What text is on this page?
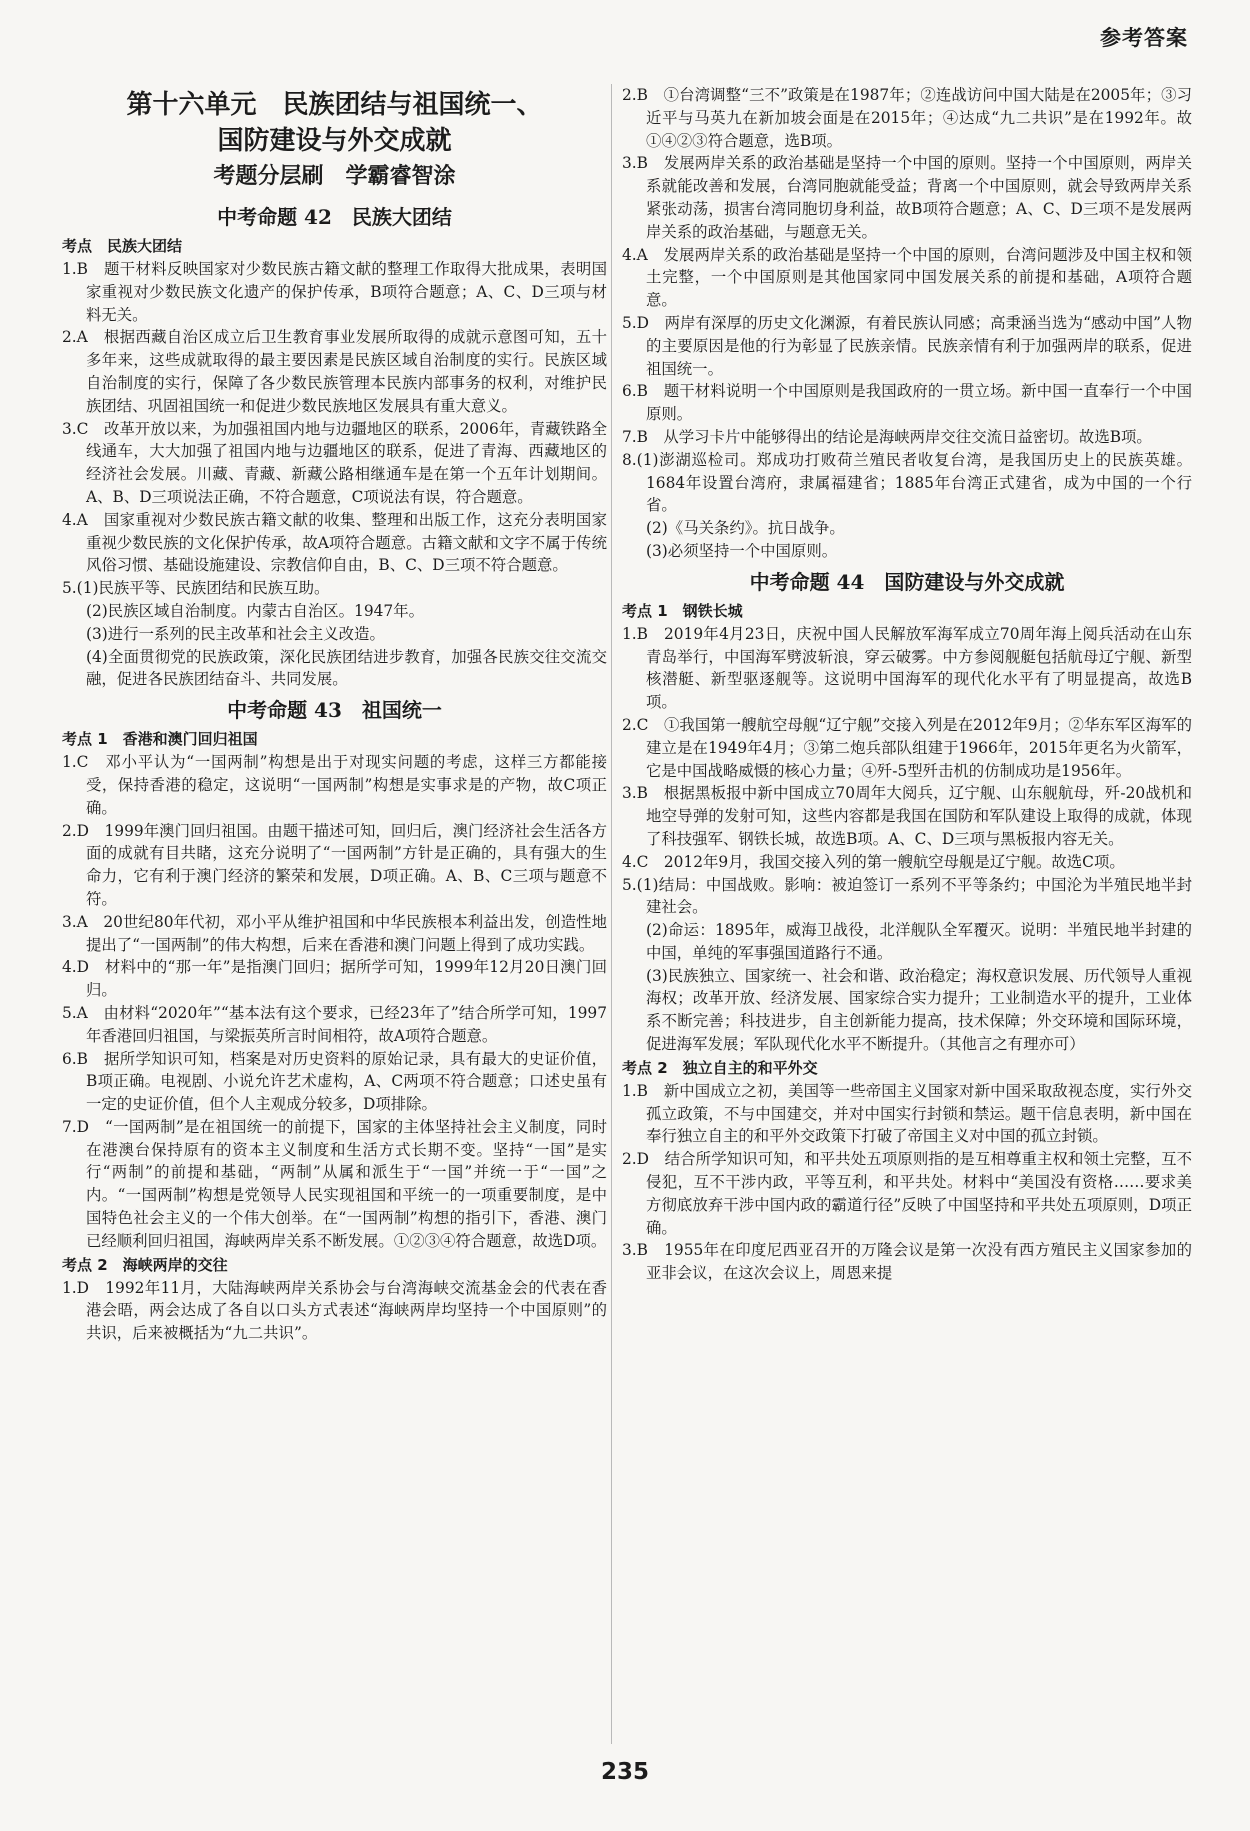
参考答案
第十六单元　民族团结与祖国统一、
国防建设与外交成就
考题分层刷　学霸睿智涂
中考命题 42　民族大团结
考点　民族大团结

1.B　题干材料反映国家对少数民族古籍文献的整理工作取得大批成果，表明国家重视对少数民族文化遗产的保护传承，B项符合题意；A、C、D三项与材料无关。

2.A　根据西藏自治区成立后卫生教育事业发展所取得的成就示意图可知，五十多年来，这些成就取得的最主要因素是民族区域自治制度的实行。民族区域自治制度的实行，保障了各少数民族管理本民族内部事务的权利，对维护民族团结、巩固祖国统一和促进少数民族地区发展具有重大意义。

3.C　改革开放以来，为加强祖国内地与边疆地区的联系，2006年，青藏铁路全线通车，大大加强了祖国内地与边疆地区的联系，促进了青海、西藏地区的经济社会发展。川藏、青藏、新藏公路相继通车是在第一个五年计划期间。A、B、D三项说法正确，不符合题意，C项说法有误，符合题意。

4.A　国家重视对少数民族古籍文献的收集、整理和出版工作，这充分表明国家重视少数民族的文化保护传承，故A项符合题意。古籍文献和文字不属于传统风俗习惯、基础设施建设、宗教信仰自由，B、C、D三项不符合题意。

5.(1)民族平等、民族团结和民族互助。

(2)民族区域自治制度。内蒙古自治区。1947年。

(3)进行一系列的民主改革和社会主义改造。

(4)全面贯彻党的民族政策，深化民族团结进步教育，加强各民族交往交流交融，促进各民族团结奋斗、共同发展。

中考命题 43　祖国统一
考点 1　香港和澳门回归祖国

1.C　邓小平认为“一国两制”构想是出于对现实问题的考虑，这样三方都能接受，保持香港的稳定，这说明“一国两制”构想是实事求是的产物，故C项正确。

2.D　1999年澳门回归祖国。由题干描述可知，回归后，澳门经济社会生活各方面的成就有目共睹，这充分说明了“一国两制”方针是正确的，具有强大的生命力，它有利于澳门经济的繁荣和发展，D项正确。A、B、C三项与题意不符。

3.A　20世纪80年代初，邓小平从维护祖国和中华民族根本利益出发，创造性地提出了“一国两制”的伟大构想，后来在香港和澳门问题上得到了成功实践。

4.D　材料中的“那一年”是指澳门回归；据所学可知，1999年12月20日澳门回归。

5.A　由材料“2020年”“基本法有这个要求，已经23年了”结合所学可知，1997年香港回归祖国，与梁振英所言时间相符，故A项符合题意。

6.B　据所学知识可知，档案是对历史资料的原始记录，具有最大的史证价值，B项正确。电视剧、小说允许艺术虚构，A、C两项不符合题意；口述史虽有一定的史证价值，但个人主观成分较多，D项排除。

7.D　“一国两制”是在祖国统一的前提下，国家的主体坚持社会主义制度，同时在港澳台保持原有的资本主义制度和生活方式长期不变。坚持“一国”是实行“两制”的前提和基础，“两制”从属和派生于“一国”并统一于“一国”之内。“一国两制”构想是党领导人民实现祖国和平统一的一项重要制度，是中国特色社会主义的一个伟大创举。在“一国两制”构想的指引下，香港、澳门已经顺利回归祖国，海峡两岸关系不断发展。①②③④符合题意，故选D项。

考点 2　海峡两岸的交往

1.D　1992年11月，大陆海峡两岸关系协会与台湾海峡交流基金会的代表在香港会晤，两会达成了各自以口头方式表述“海峡两岸均坚持一个中国原则”的共识，后来被概括为“九二共识”。

2.B　①台湾调整“三不”政策是在1987年；②连战访问中国大陆是在2005年；③习近平与马英九在新加坡会面是在2015年；④达成“九二共识”是在1992年。故①④②③符合题意，选B项。

3.B　发展两岸关系的政治基础是坚持一个中国的原则。坚持一个中国原则，两岸关系就能改善和发展，台湾同胞就能受益；背离一个中国原则，就会导致两岸关系紧张动荡，损害台湾同胞切身利益，故B项符合题意；A、C、D三项不是发展两岸关系的政治基础，与题意无关。

4.A　发展两岸关系的政治基础是坚持一个中国的原则，台湾问题涉及中国主权和领土完整，一个中国原则是其他国家同中国发展关系的前提和基础，A项符合题意。

5.D　两岸有深厚的历史文化渊源，有着民族认同感；高秉涵当选为“感动中国”人物的主要原因是他的行为彰显了民族亲情。民族亲情有利于加强两岸的联系，促进祖国统一。

6.B　题干材料说明一个中国原则是我国政府的一贯立场。新中国一直奉行一个中国原则。

7.B　从学习卡片中能够得出的结论是海峡两岸交往交流日益密切。故选B项。

8.(1)澎湖巡检司。郑成功打败荷兰殖民者收复台湾，是我国历史上的民族英雄。1684年设置台湾府，隶属福建省；1885年台湾正式建省，成为中国的一个行省。

(2)《马关条约》。抗日战争。

(3)必须坚持一个中国原则。

中考命题 44　国防建设与外交成就
考点 1　钢铁长城

1.B　2019年4月23日，庆祝中国人民解放军海军成立70周年海上阅兵活动在山东青岛举行，中国海军劈波斩浪，穿云破雾。中方参阅舰艇包括航母辽宁舰、新型核潜艇、新型驱逐舰等。这说明中国海军的现代化水平有了明显提高，故选B项。

2.C　①我国第一艘航空母舰“辽宁舰”交接入列是在2012年9月；②华东军区海军的建立是在1949年4月；③第二炮兵部队组建于1966年，2015年更名为火箭军，它是中国战略威慑的核心力量；④歼-5型歼击机的仿制成功是1956年。

3.B　根据黑板报中新中国成立70周年大阅兵，辽宁舰、山东舰航母，歼-20战机和地空导弹的发射可知，这些内容都是我国在国防和军队建设上取得的成就，体现了科技强军、钢铁长城，故选B项。A、C、D三项与黑板报内容无关。

4.C　2012年9月，我国交接入列的第一艘航空母舰是辽宁舰。故选C项。

5.(1)结局：中国战败。影响：被迫签订一系列不平等条约；中国沦为半殖民地半封建社会。

(2)命运：1895年，威海卫战役，北洋舰队全军覆灭。说明：半殖民地半封建的中国，单纯的军事强国道路行不通。

(3)民族独立、国家统一、社会和谐、政治稳定；海权意识发展、历代领导人重视海权；改革开放、经济发展、国家综合实力提升；工业制造水平的提升，工业体系不断完善；科技进步，自主创新能力提高，技术保障；外交环境和国际环境，促进海军发展；军队现代化水平不断提升。（其他言之有理亦可）

考点 2　独立自主的和平外交

1.B　新中国成立之初，美国等一些帝国主义国家对新中国采取敌视态度，实行外交孤立政策，不与中国建交，并对中国实行封锁和禁运。题干信息表明，新中国在奉行独立自主的和平外交政策下打破了帝国主义对中国的孤立封锁。

2.D　结合所学知识可知，和平共处五项原则指的是互相尊重主权和领土完整，互不侵犯，互不干涉内政，平等互利，和平共处。材料中“美国没有资格……要求美方彻底放弃干涉中国内政的霸道行径”反映了中国坚持和平共处五项原则，D项正确。

3.B　1955年在印度尼西亚召开的万隆会议是第一次没有西方殖民主义国家参加的亚非会议，在这次会议上，周恩来提

235
